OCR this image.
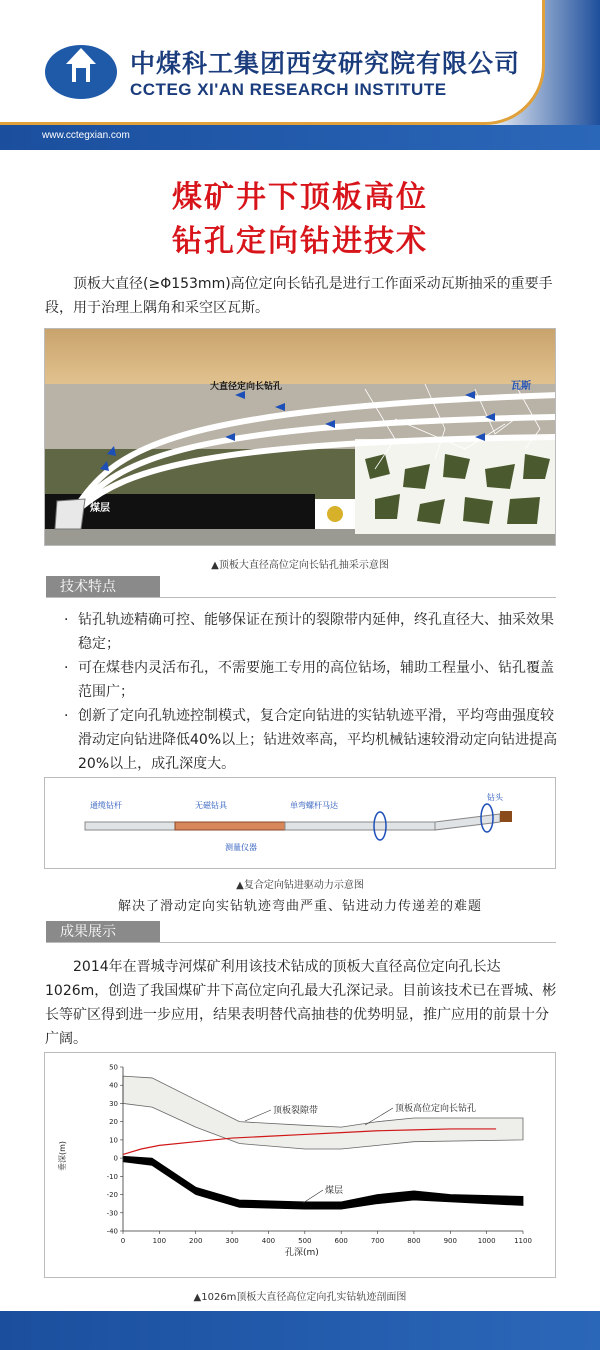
中煤科工集团西安研究院有限公司
CCTEG XI'AN RESEARCH INSTITUTE
www.cctegxian.com
煤矿井下顶板高位
钻孔定向钻进技术
顶板大直径(≥Φ153mm)高位定向长钻孔是进行工作面采动瓦斯抽采的重要手段，用于治理上隅角和采空区瓦斯。
大直径定向长钻孔	瓦斯
煤层
▲顶板大直径高位定向长钻孔抽采示意图
技术特点
· 钻孔轨迹精确可控、能够保证在预计的裂隙带内延伸，终孔直径大、抽采效果稳定；
· 可在煤巷内灵活布孔，不需要施工专用的高位钻场，辅助工程量小、钻孔覆盖范围广；
· 创新了定向孔轨迹控制模式，复合定向钻进的实钻轨迹平滑，平均弯曲强度较滑动定向钻进降低40%以上；钻进效率高，平均机械钻速较滑动定向钻进提高20%以上，成孔深度大。
通缆钻杆	无磁钻具	单弯螺杆马达
钻头
测量仪器
▲复合定向钻进驱动力示意图
解决了滑动定向实钻轨迹弯曲严重、钻进动力传递差的难题
成果展示
2014年在晋城寺河煤矿利用该技术钻成的顶板大直径高位定向孔长达1026m，创造了我国煤矿井下高位定向孔最大孔深记录。目前该技术已在晋城、彬长等矿区得到进一步应用，结果表明替代高抽巷的优势明显，推广应用的前景十分广阔。
0	100	200	300	400	500	600	700	800	900	1000	1100
50
40
30
20
10
0
-10
-20
-30
-40
顶板裂隙带	顶板高位定向长钻孔
煤层
垂深(m)
孔深(m)
▲1026m顶板大直径高位定向孔实钻轨迹剖面图
